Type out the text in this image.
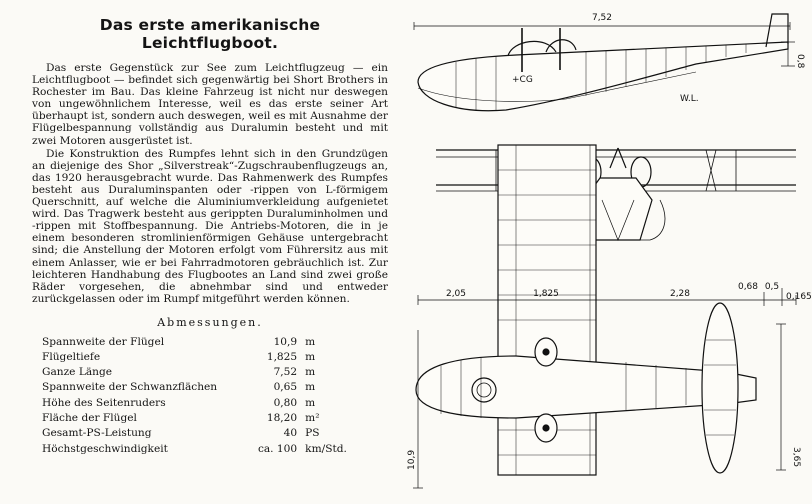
Das erste amerikanische Leichtflugboot.

Das erste Gegenstück zur See zum Leichtflugzeug — ein Leichtflugboot — befindet sich gegenwärtig bei Short Brothers in Rochester im Bau. Das kleine Fahrzeug ist nicht nur deswegen von ungewöhnlichem Interesse, weil es das erste seiner Art überhaupt ist, sondern auch deswegen, weil es mit Ausnahme der Flügelbespannung vollständig aus Duralumin besteht und mit zwei Motoren ausgerüstet ist.

Die Konstruktion des Rumpfes lehnt sich in den Grundzügen an diejenige des Shor „Silverstreak“-Zugschraubenflugzeugs an, das 1920 herausgebracht wurde. Das Rahmenwerk des Rumpfes besteht aus Duraluminspanten oder -rippen von L-förmigem Querschnitt, auf welche die Aluminiumverkleidung aufgenietet wird. Das Tragwerk besteht aus gerippten Duraluminholmen und -rippen mit Stoffbespannung. Die Antriebs-Motoren, die in je einem besonderen stromlinienförmigen Gehäuse untergebracht sind; die Anstellung der Motoren erfolgt vom Führersitz aus mit einem Anlasser, wie er bei Fahrradmotoren gebräuchlich ist. Zur leichteren Handhabung des Flugbootes an Land sind zwei große Räder vorgesehen, die abnehmbar sind und entweder zurückgelassen oder im Rumpf mitgeführt werden können.

Abmessungen.
Spannweite der Flügel	10,9	m
Flügeltiefe	1,825	m
Ganze Länge	7,52	m
Spannweite der Schwanzflächen	0,65	m
Höhe des Seitenruders	0,80	m
Fläche der Flügel	18,20	m²
Gesamt-PS-Leistung	40	PS
Höchstgeschwindigkeit	ca. 100	km/Std.
7,52
0,8
+CG
W.L.
2,05	1,825	2,28
0,68 0,5
0,165
3,65
10,9
